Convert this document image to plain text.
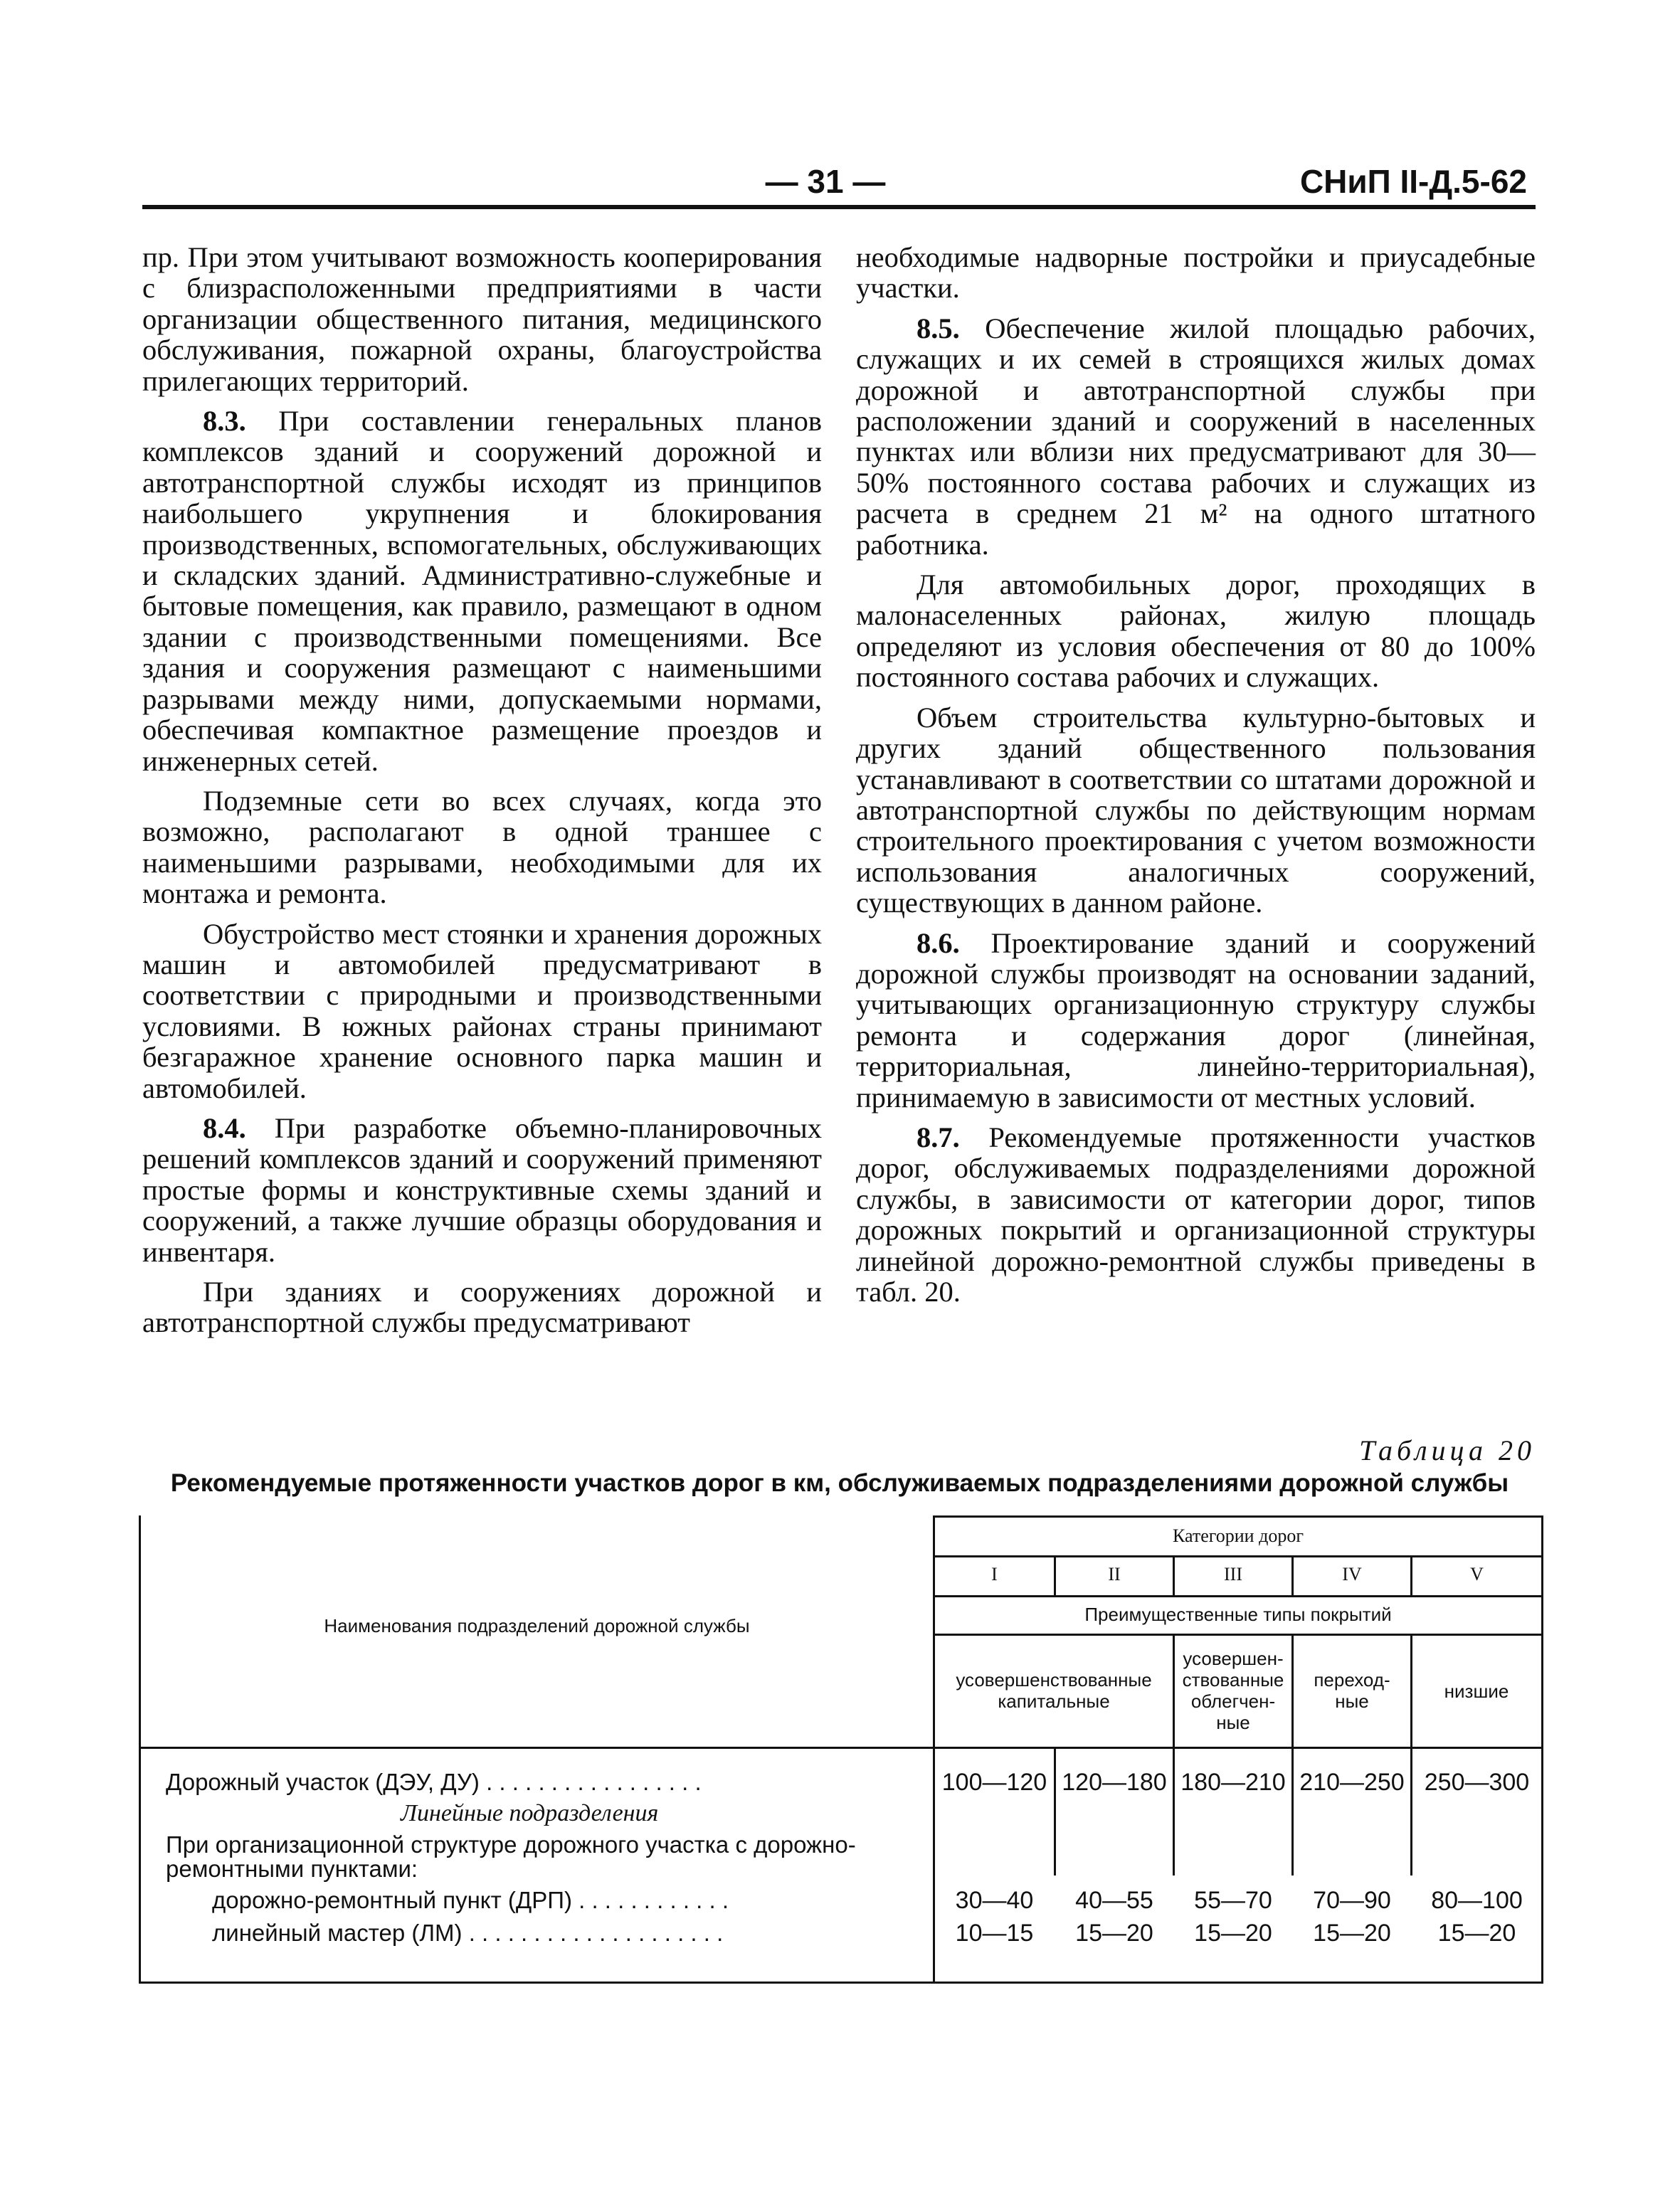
— 31 —	СНиП II-Д.5-62

пр. При этом учитывают возможность кооперирования с близрасположенными предприятиями в части организации общественного питания, медицинского обслуживания, пожарной охраны, благоустройства прилегающих территорий.

8.3. При составлении генеральных планов комплексов зданий и сооружений дорожной и автотранспортной службы исходят из принципов наибольшего укрупнения и блокирования производственных, вспомогательных, обслуживающих и складских зданий. Административно-служебные и бытовые помещения, как правило, размещают в одном здании с производственными помещениями. Все здания и сооружения размещают с наименьшими разрывами между ними, допускаемыми нормами, обеспечивая компактное размещение проездов и инженерных сетей.

Подземные сети во всех случаях, когда это возможно, располагают в одной траншее с наименьшими разрывами, необходимыми для их монтажа и ремонта.

Обустройство мест стоянки и хранения дорожных машин и автомобилей предусматривают в соответствии с природными и производственными условиями. В южных районах страны принимают безгаражное хранение основного парка машин и автомобилей.

8.4. При разработке объемно-планировочных решений комплексов зданий и сооружений применяют простые формы и конструктивные схемы зданий и сооружений, а также лучшие образцы оборудования и инвентаря.

При зданиях и сооружениях дорожной и автотранспортной службы предусматривают

необходимые надворные постройки и приусадебные участки.

8.5. Обеспечение жилой площадью рабочих, служащих и их семей в строящихся жилых домах дорожной и автотранспортной службы при расположении зданий и сооружений в населенных пунктах или вблизи них предусматривают для 30—50% постоянного состава рабочих и служащих из расчета в среднем 21 м² на одного штатного работника.

Для автомобильных дорог, проходящих в малонаселенных районах, жилую площадь определяют из условия обеспечения от 80 до 100% постоянного состава рабочих и служащих.

Объем строительства культурно-бытовых и других зданий общественного пользования устанавливают в соответствии со штатами дорожной и автотранспортной службы по действующим нормам строительного проектирования с учетом возможности использования аналогичных сооружений, существующих в данном районе.

8.6. Проектирование зданий и сооружений дорожной службы производят на основании заданий, учитывающих организационную структуру службы ремонта и содержания дорог (линейная, территориальная, линейно-территориальная), принимаемую в зависимости от местных условий.

8.7. Рекомендуемые протяженности участков дорог, обслуживаемых подразделениями дорожной службы, в зависимости от категории дорог, типов дорожных покрытий и организационной структуры линейной дорожно-ремонтной службы приведены в табл. 20.

Таблица 20
Рекомендуемые протяженности участков дорог в км, обслуживаемых подразделениями дорожной службы
Наименования подразделений дорожной службы
Категории дорог
I	II	III	IV	V
Преимущественные типы покрытий
усовершенствованные капитальные
усовершен- ствованные облегчен- ные
переход- ные	низшие
Дорожный участок (ДЭУ, ДУ) . . . . . . . . . . . . . . . . .	100—120 120—180 180—210 210—250 250—300
Линейные подразделения
При организационной структуре дорожного участка с дорожно-ремонтными пунктами:
дорожно-ремонтный пункт (ДРП) . . . . . . . . . . . .	30—40	40—55	55—70	70—90	80—100
линейный мастер (ЛМ) . . . . . . . . . . . . . . . . . . . .	10—15	15—20	15—20	15—20	15—20
